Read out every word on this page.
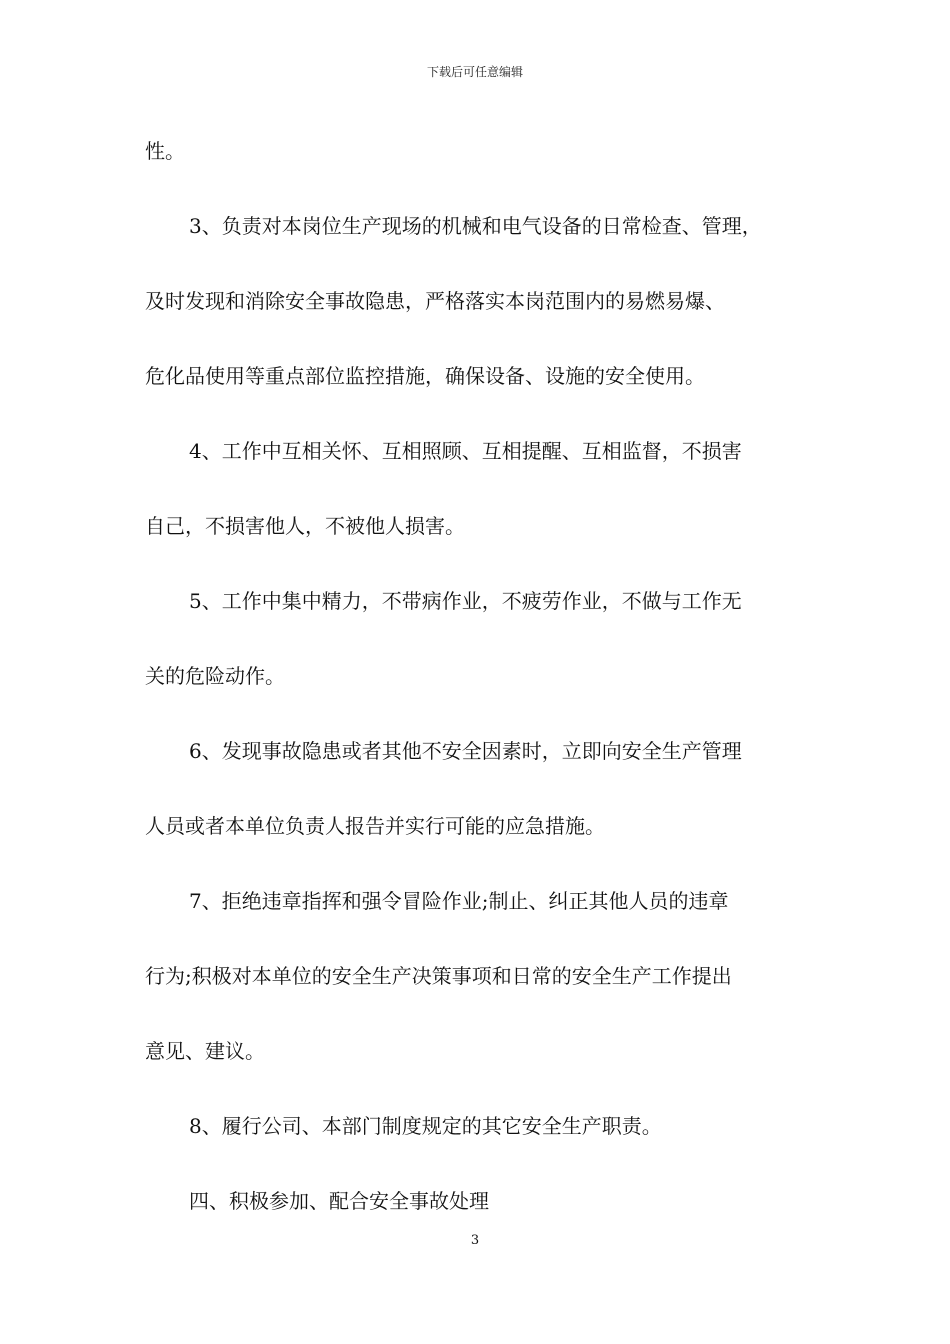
下载后可任意编辑
性。
3、负责对本岗位生产现场的机械和电气设备的日常检查、管理，
及时发现和消除安全事故隐患，严格落实本岗范围内的易燃易爆、
危化品使用等重点部位监控措施，确保设备、设施的安全使用。
4、工作中互相关怀、互相照顾、互相提醒、互相监督，不损害
自己，不损害他人，不被他人损害。
5、工作中集中精力，不带病作业，不疲劳作业，不做与工作无
关的危险动作。
6、发现事故隐患或者其他不安全因素时，立即向安全生产管理
人员或者本单位负责人报告并实行可能的应急措施。
7、拒绝违章指挥和强令冒险作业;制止、纠正其他人员的违章
行为;积极对本单位的安全生产决策事项和日常的安全生产工作提出
意见、建议。
8、履行公司、本部门制度规定的其它安全生产职责。
四、积极参加、配合安全事故处理
3
